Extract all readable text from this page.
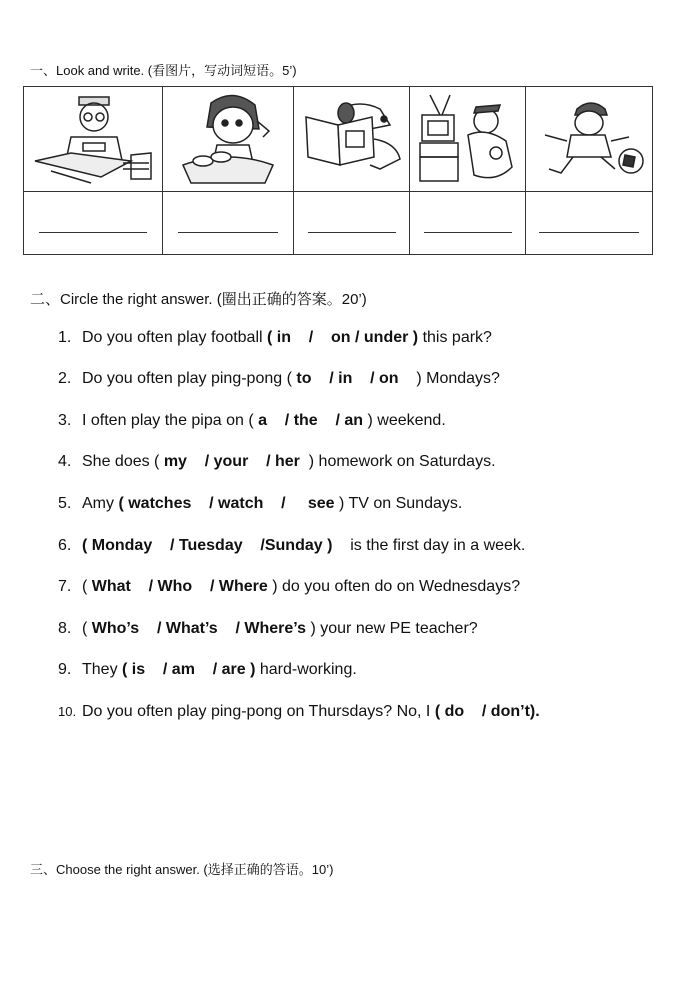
一、Look and write. (看图片，写动词短语。5’)

二、Circle the right answer. (圈出正确的答案。20’)
1. Do you often play football ( in    /    on / under ) this park?
2. Do you often play ping-pong ( to    / in    / on    ) Mondays?
3. I often play the pipa on ( a    / the    / an ) weekend.
4. She does ( my    / your    / her  ) homework on Saturdays.
5. Amy ( watches    / watch    /     see ) TV on Sundays.
6. ( Monday    / Tuesday    /Sunday )    is the first day in a week.
7. ( What    / Who    / Where ) do you often do on Wednesdays?
8. ( Who’s    / What’s    / Where’s ) your new PE teacher?
9. They ( is    / am    / are ) hard-working.
10. Do you often play ping-pong on Thursdays? No, I ( do    / don’t).
三、Choose the right answer. (选择正确的答语。10’)
